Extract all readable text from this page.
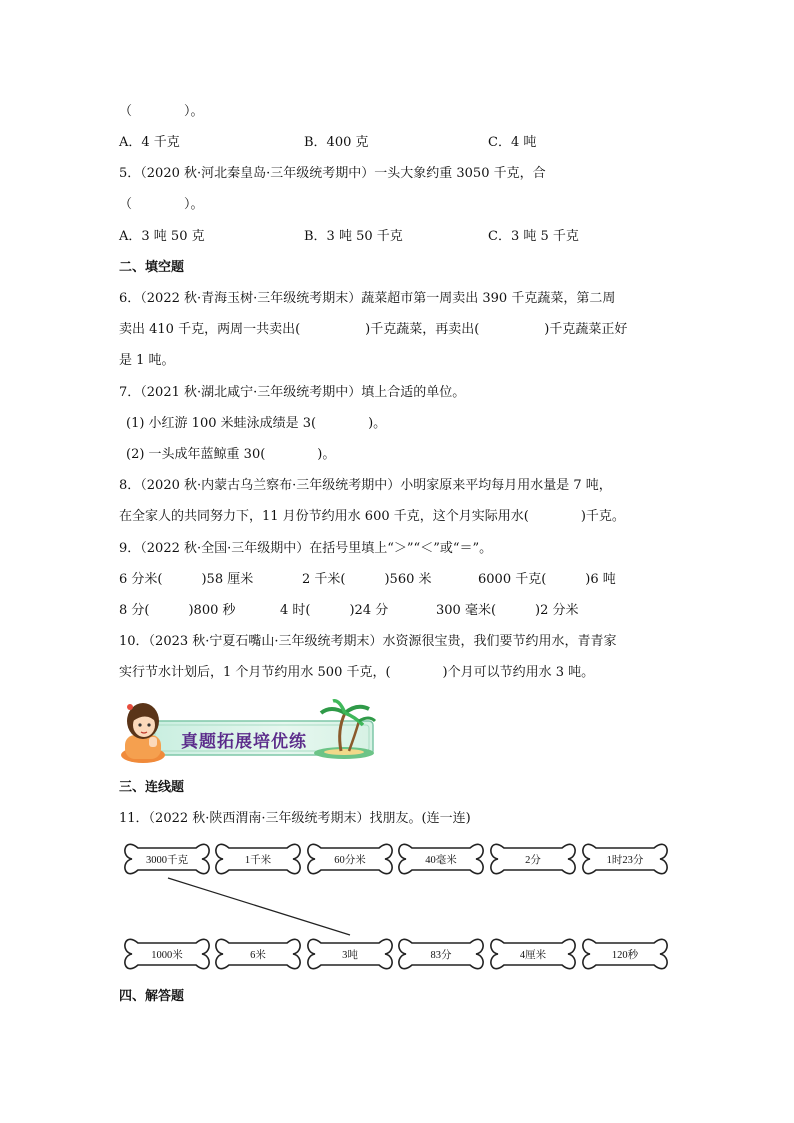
（　　　　）。
A．4 千克	B．400 克	C．4 吨
5．（2020 秋·河北秦皇岛·三年级统考期中）一头大象约重 3050 千克，合
（　　　　）。
A．3 吨 50 克	B．3 吨 50 千克	C．3 吨 5 千克
二、填空题
6．（2022 秋·青海玉树·三年级统考期末）蔬菜超市第一周卖出 390 千克蔬菜，第二周
卖出 410 千克，两周一共卖出(　　　　　)千克蔬菜，再卖出(　　　　　)千克蔬菜正好
是 1 吨。
7．（2021 秋·湖北咸宁·三年级统考期中）填上合适的单位。
(1) 小红游 100 米蛙泳成绩是 3(　　　　)。
(2) 一头成年蓝鲸重 30(　　　　)。
8．（2020 秋·内蒙古乌兰察布·三年级统考期中）小明家原来平均每月用水量是 7 吨，
在全家人的共同努力下，11 月份节约用水 600 千克，这个月实际用水(　　　　)千克。
9．（2022 秋·全国·三年级期中）在括号里填上“＞”“＜”或“＝”。
6 分米(　　　)58 厘米	2 千米(　　　)560 米	6000 千克(　　　)6 吨
8 分(　　　)800 秒	4 时(　　　)24 分	300 毫米(　　　)2 分米
10．（2023 秋·宁夏石嘴山·三年级统考期末）水资源很宝贵，我们要节约用水，青青家
实行节水计划后，1 个月节约用水 500 千克，(　　　　)个月可以节约用水 3 吨。
真题拓展培优练
三、连线题
11．（2022 秋·陕西渭南·三年级统考期末）找朋友。(连一连)
3000千克	1千米	60分米	40毫米	2分	1时23分
1000米	6米	3吨	83分	4厘米	120秒
四、解答题
